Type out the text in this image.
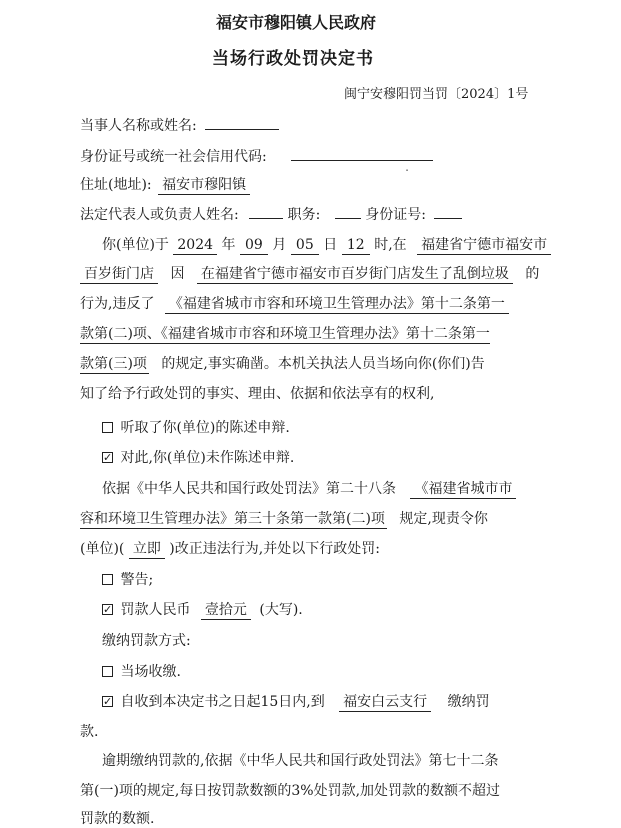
福安市穆阳镇人民政府
当场行政处罚决定书
闽宁安穆阳罚当罚〔2024〕1号
当事人名称或姓名:
身份证号或统一社会信用代码:
.
住址(地址): 福安市穆阳镇
法定代表人或负责人姓名:	职务:	身份证号:
你(单位)于 2024 年 09 月 05 日 12 时,在 福建省宁德市福安市
百岁街门店 因 在福建省宁德市福安市百岁街门店发生了乱倒垃圾 的
行为,违反了 《福建省城市市容和环境卫生管理办法》第十二条第一
款第(二)项、《福建省城市市容和环境卫生管理办法》第十二条第一
款第(三)项 的规定,事实确凿。本机关执法人员当场向你(你们)告
知了给予行政处罚的事实、理由、依据和依法享有的权利,
听取了你(单位)的陈述申辩.
✓ 对此,你(单位)未作陈述申辩.
依据《中华人民共和国行政处罚法》第二十八条 《福建省城市市
容和环境卫生管理办法》第三十条第一款第(二)项 规定,现责令你
(单位)( 立即 )改正违法行为,并处以下行政处罚:
警告;
✓ 罚款人民币 壹拾元 (大写).
缴纳罚款方式:
当场收缴.
✓ 自收到本决定书之日起15日内,到 福安白云支行 缴纳罚
款.
逾期缴纳罚款的,依据《中华人民共和国行政处罚法》第七十二条
第(一)项的规定,每日按罚款数额的3%处罚款,加处罚款的数额不超过
罚款的数额.
